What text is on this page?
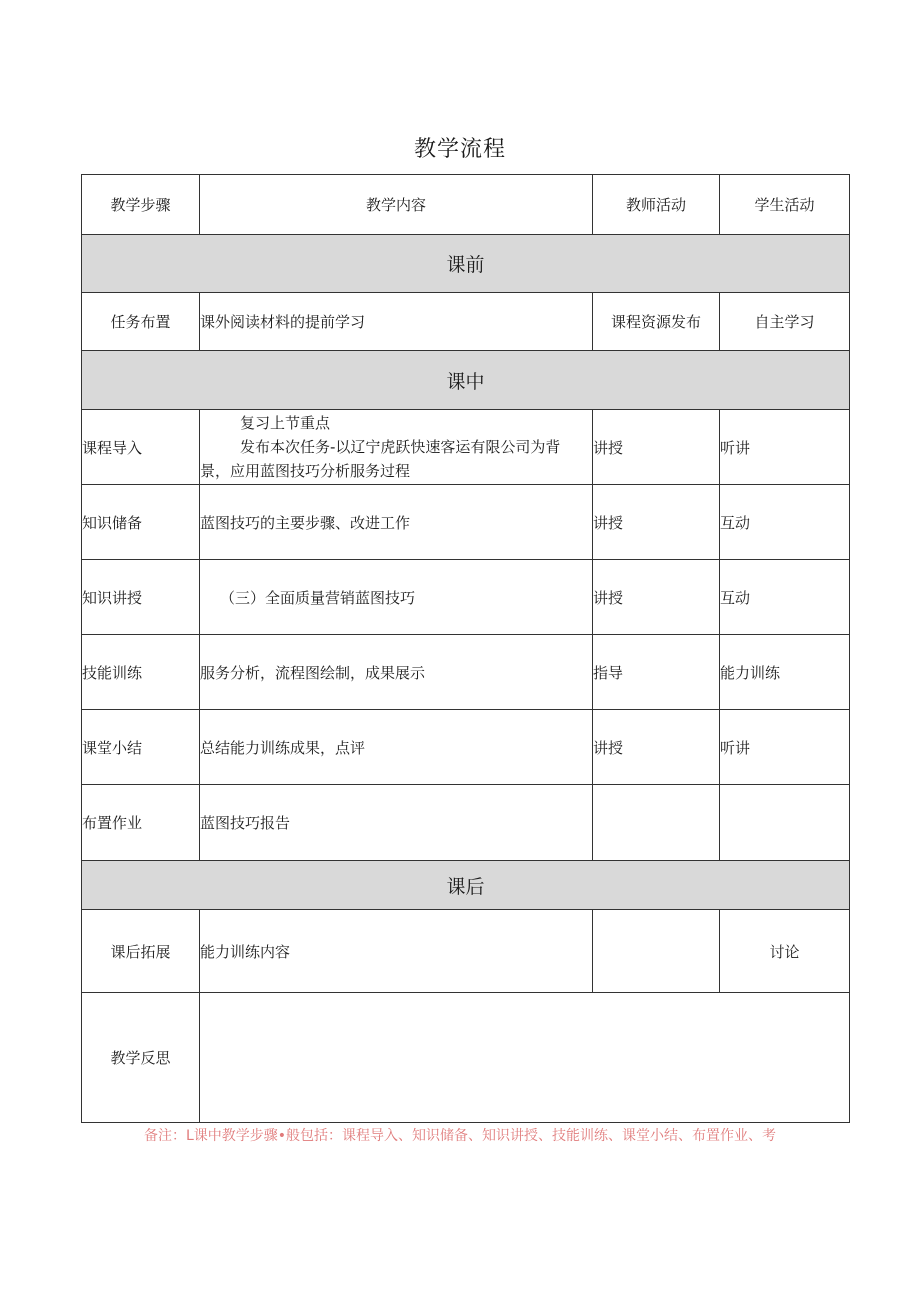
教学流程
教学步骤	教学内容	教师活动	学生活动
课前			
任务布置	课外阅读材料的提前学习	课程资源发布	自主学习
课中			
课程导入	复习上节重点
发布本次任务-以辽宁虎跃快速客运有限公司为背
景，应用蓝图技巧分析服务过程	讲授	听讲
知识储备	蓝图技巧的主要步骤、改进工作	讲授	互动
知识讲授	（三）全面质量营销蓝图技巧	讲授	互动
技能训练	服务分析，流程图绘制，成果展示	指导	能力训练
课堂小结	总结能力训练成果，点评	讲授	听讲
布置作业	蓝图技巧报告		
课后			
课后拓展	能力训练内容		讨论
教学反思			
备注：L课中教学步骤•般包括：课程导入、知识储备、知识讲授、技能训练、课堂小结、布置作业、考
